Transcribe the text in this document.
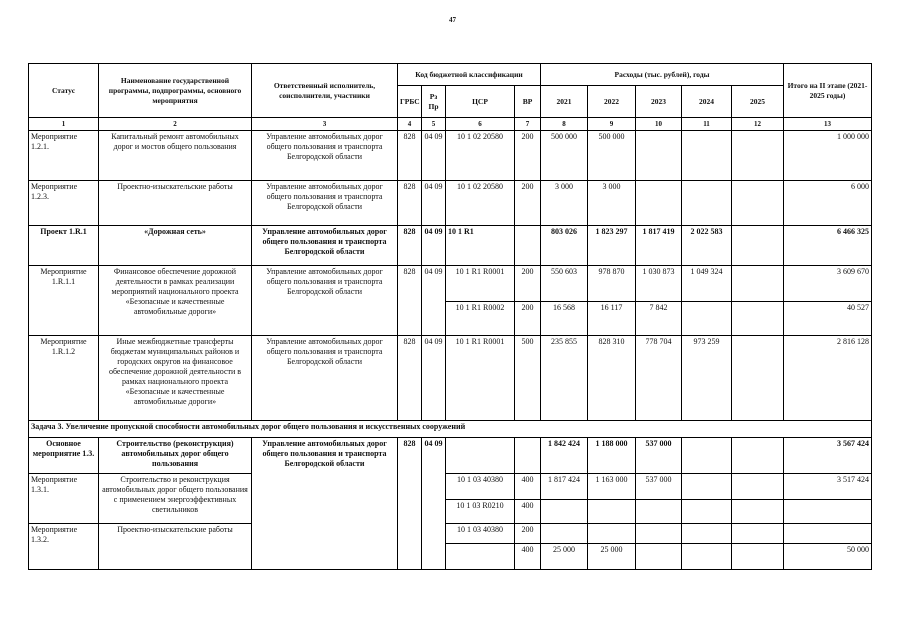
47
Статус	Наименование государственной программы, подпрограммы, основного мероприятия	Ответственный исполнитель, соисполнители, участники	Код бюджетной классификации				Расходы (тыс. рублей), годы					Итого на II этапе (2021-2025 годы)
			ГРБС	Рз Пр	ЦСР	ВР	2021	2022	2023	2024	2025	
1	2	3	4	5	6	7	8	9	10	11	12	13
Мероприятие 1.2.1.	Капитальный ремонт автомобильных дорог и мостов общего пользования	Управление автомобильных дорог общего пользования и транспорта Белгородской области	828	04 09	10 1 02 20580	200	500 000	500 000				1 000 000
Мероприятие 1.2.3.	Проектно-изыскательские работы	Управление автомобильных дорог общего пользования и транспорта Белгородской области	828	04 09	10 1 02 20580	200	3 000	3 000				6 000
Проект 1.R.1	«Дорожная сеть»	Управление автомобильных дорог общего пользования и транспорта Белгородской области	828	04 09	10 1 R1		803 026	1 823 297	1 817 419	2 022 583		6 466 325
Мероприятие 1.R.1.1	Финансовое обеспечение дорожной деятельности в рамках реализации мероприятий национального проекта «Безопасные и качественные автомобильные дороги»	Управление автомобильных дорог общего пользования и транспорта Белгородской области	828	04 09	10 1 R1 R0001	200	550 603	978 870	1 030 873	1 049 324		3 609 670
					10 1 R1 R0002	200	16 568	16 117	7 842			40 527
Мероприятие 1.R.1.2	Иные межбюджетные трансферты бюджетам муниципальных районов и городских округов на финансовое обеспечение дорожной деятельности в рамках национального проекта «Безопасные и качественные автомобильные дороги»	Управление автомобильных дорог общего пользования и транспорта Белгородской области	828	04 09	10 1 R1 R0001	500	235 855	828 310	778 704	973 259		2 816 128
Задача 3. Увеличение пропускной способности автомобильных дорог общего пользования и искусственных сооружений												
Основное мероприятие 1.3.	Строительство (реконструкция) автомобильных дорог общего пользования	Управление автомобильных дорог общего пользования и транспорта Белгородской области	828	04 09			1 842 424	1 188 000	537 000			3 567 424
Мероприятие 1.3.1.	Строительство и реконструкция автомобильных дорог общего пользования с применением энергоэффективных светильников				10 1 03 40380	400	1 817 424	1 163 000	537 000			3 517 424
					10 1 03 R0210	400						
Мероприятие 1.3.2.	Проектно-изыскательские работы				10 1 03 40380	200						
						400	25 000	25 000				50 000
